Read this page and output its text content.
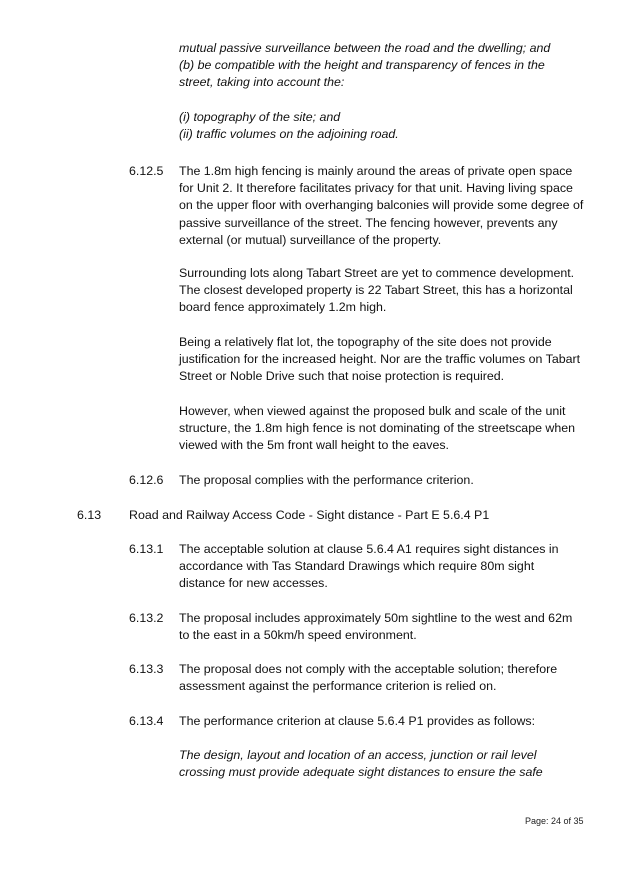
mutual passive surveillance between the road and the dwelling; and
(b) be compatible with the height and transparency of fences in the
street, taking into account the:
(i) topography of the site; and
(ii) traffic volumes on the adjoining road.
6.12.5 The 1.8m high fencing is mainly around the areas of private open space
for Unit 2. It therefore facilitates privacy for that unit. Having living space
on the upper floor with overhanging balconies will provide some degree of
passive surveillance of the street. The fencing however, prevents any
external (or mutual) surveillance of the property.
Surrounding lots along Tabart Street are yet to commence development.
The closest developed property is 22 Tabart Street, this has a horizontal
board fence approximately 1.2m high.
Being a relatively flat lot, the topography of the site does not provide
justification for the increased height. Nor are the traffic volumes on Tabart
Street or Noble Drive such that noise protection is required.
However, when viewed against the proposed bulk and scale of the unit
structure, the 1.8m high fence is not dominating of the streetscape when
viewed with the 5m front wall height to the eaves.
6.12.6 The proposal complies with the performance criterion.
6.13 Road and Railway Access Code - Sight distance - Part E 5.6.4 P1
6.13.1 The acceptable solution at clause 5.6.4 A1 requires sight distances in
accordance with Tas Standard Drawings which require 80m sight
distance for new accesses.
6.13.2 The proposal includes approximately 50m sightline to the west and 62m
to the east in a 50km/h speed environment.
6.13.3 The proposal does not comply with the acceptable solution; therefore
assessment against the performance criterion is relied on.
6.13.4 The performance criterion at clause 5.6.4 P1 provides as follows:
The design, layout and location of an access, junction or rail level
crossing must provide adequate sight distances to ensure the safe
Page: 24 of 35
